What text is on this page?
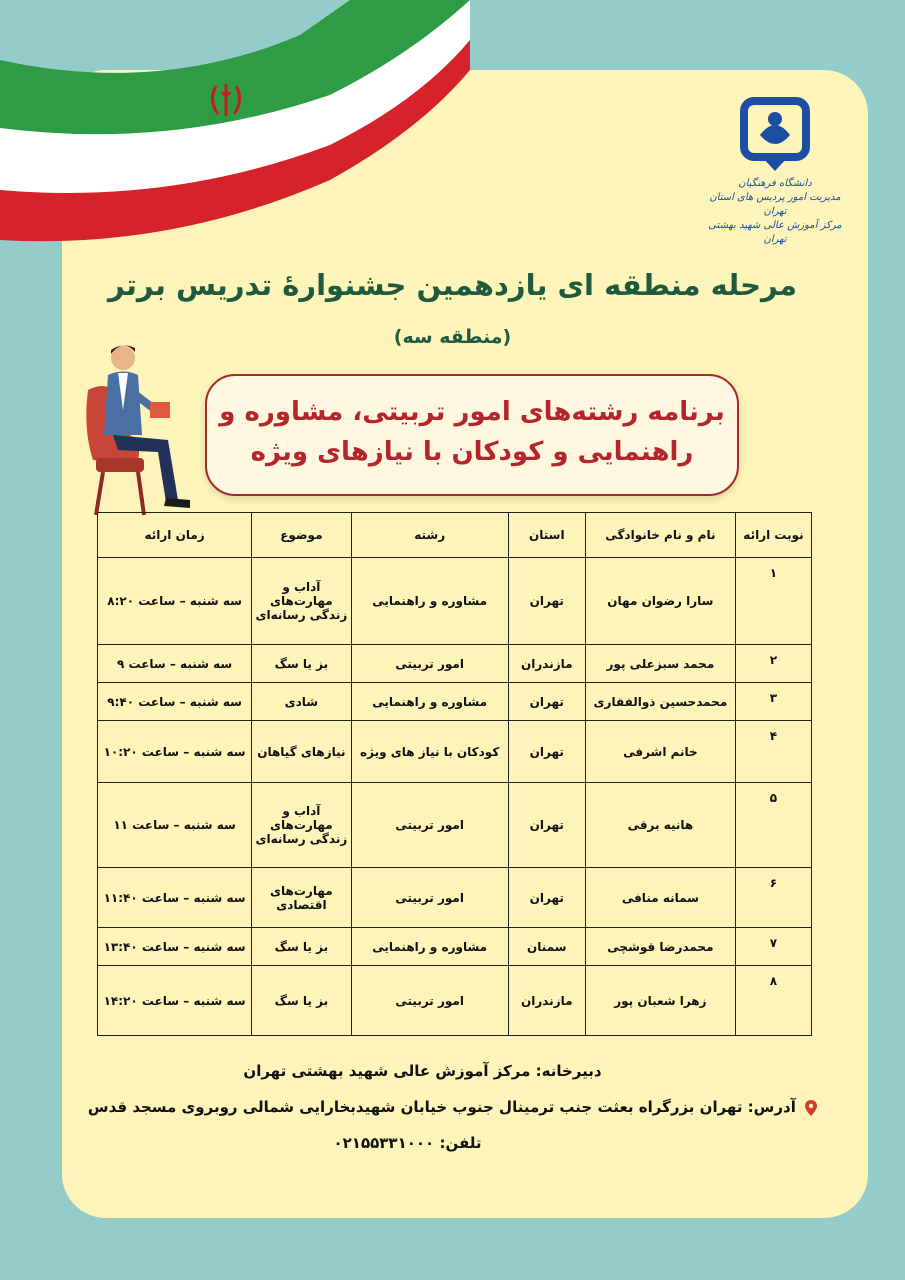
دانشگاه فرهنگیان
مدیریت امور پردیس های استان تهران
مرکز آموزش عالی شهید بهشتی تهران
مرحله منطقه ای یازدهمین جشنوارۀ تدریس برتر
(منطقه سه)
برنامه رشته‌های امور تربیتی، مشاوره و
راهنمایی و کودکان با نیازهای ویژه
نوبت ارائه	نام و نام خانوادگی	استان	رشته	موضوع	زمان ارائه
۱	سارا رضوان مهان	تهران	مشاوره و راهنمایی	آداب و مهارت‌های زندگی رسانه‌ای	سه شنبه – ساعت ۸:۲۰
۲	محمد سبزعلی پور	مازندران	امور تربیتی	بز یا سگ	سه شنبه – ساعت ۹
۳	محمدحسین ذوالفقاری	تهران	مشاوره و راهنمایی	شادی	سه شنبه – ساعت ۹:۴۰
۴	خانم اشرفی	تهران	کودکان با نیاز های ویژه	نیازهای گیاهان	سه شنبه – ساعت ۱۰:۲۰
۵	هانیه برقی	تهران	امور تربیتی	آداب و مهارت‌های زندگی رسانه‌ای	سه شنبه – ساعت ۱۱
۶	سمانه منافی	تهران	امور تربیتی	مهارت‌های اقتصادی	سه شنبه – ساعت ۱۱:۴۰
۷	محمدرضا قوشچی	سمنان	مشاوره و راهنمایی	بز یا سگ	سه شنبه – ساعت ۱۳:۴۰
۸	زهرا شعبان پور	مازندران	امور تربیتی	بز یا سگ	سه شنبه – ساعت ۱۴:۲۰
دبیرخانه: مرکز آموزش عالی شهید بهشتی تهران
آدرس: تهران بزرگراه بعثت جنب ترمینال جنوب خیابان شهیدبخارایی شمالی روبروی مسجد قدس
تلفن: ۰۲۱۵۵۳۳۱۰۰۰
